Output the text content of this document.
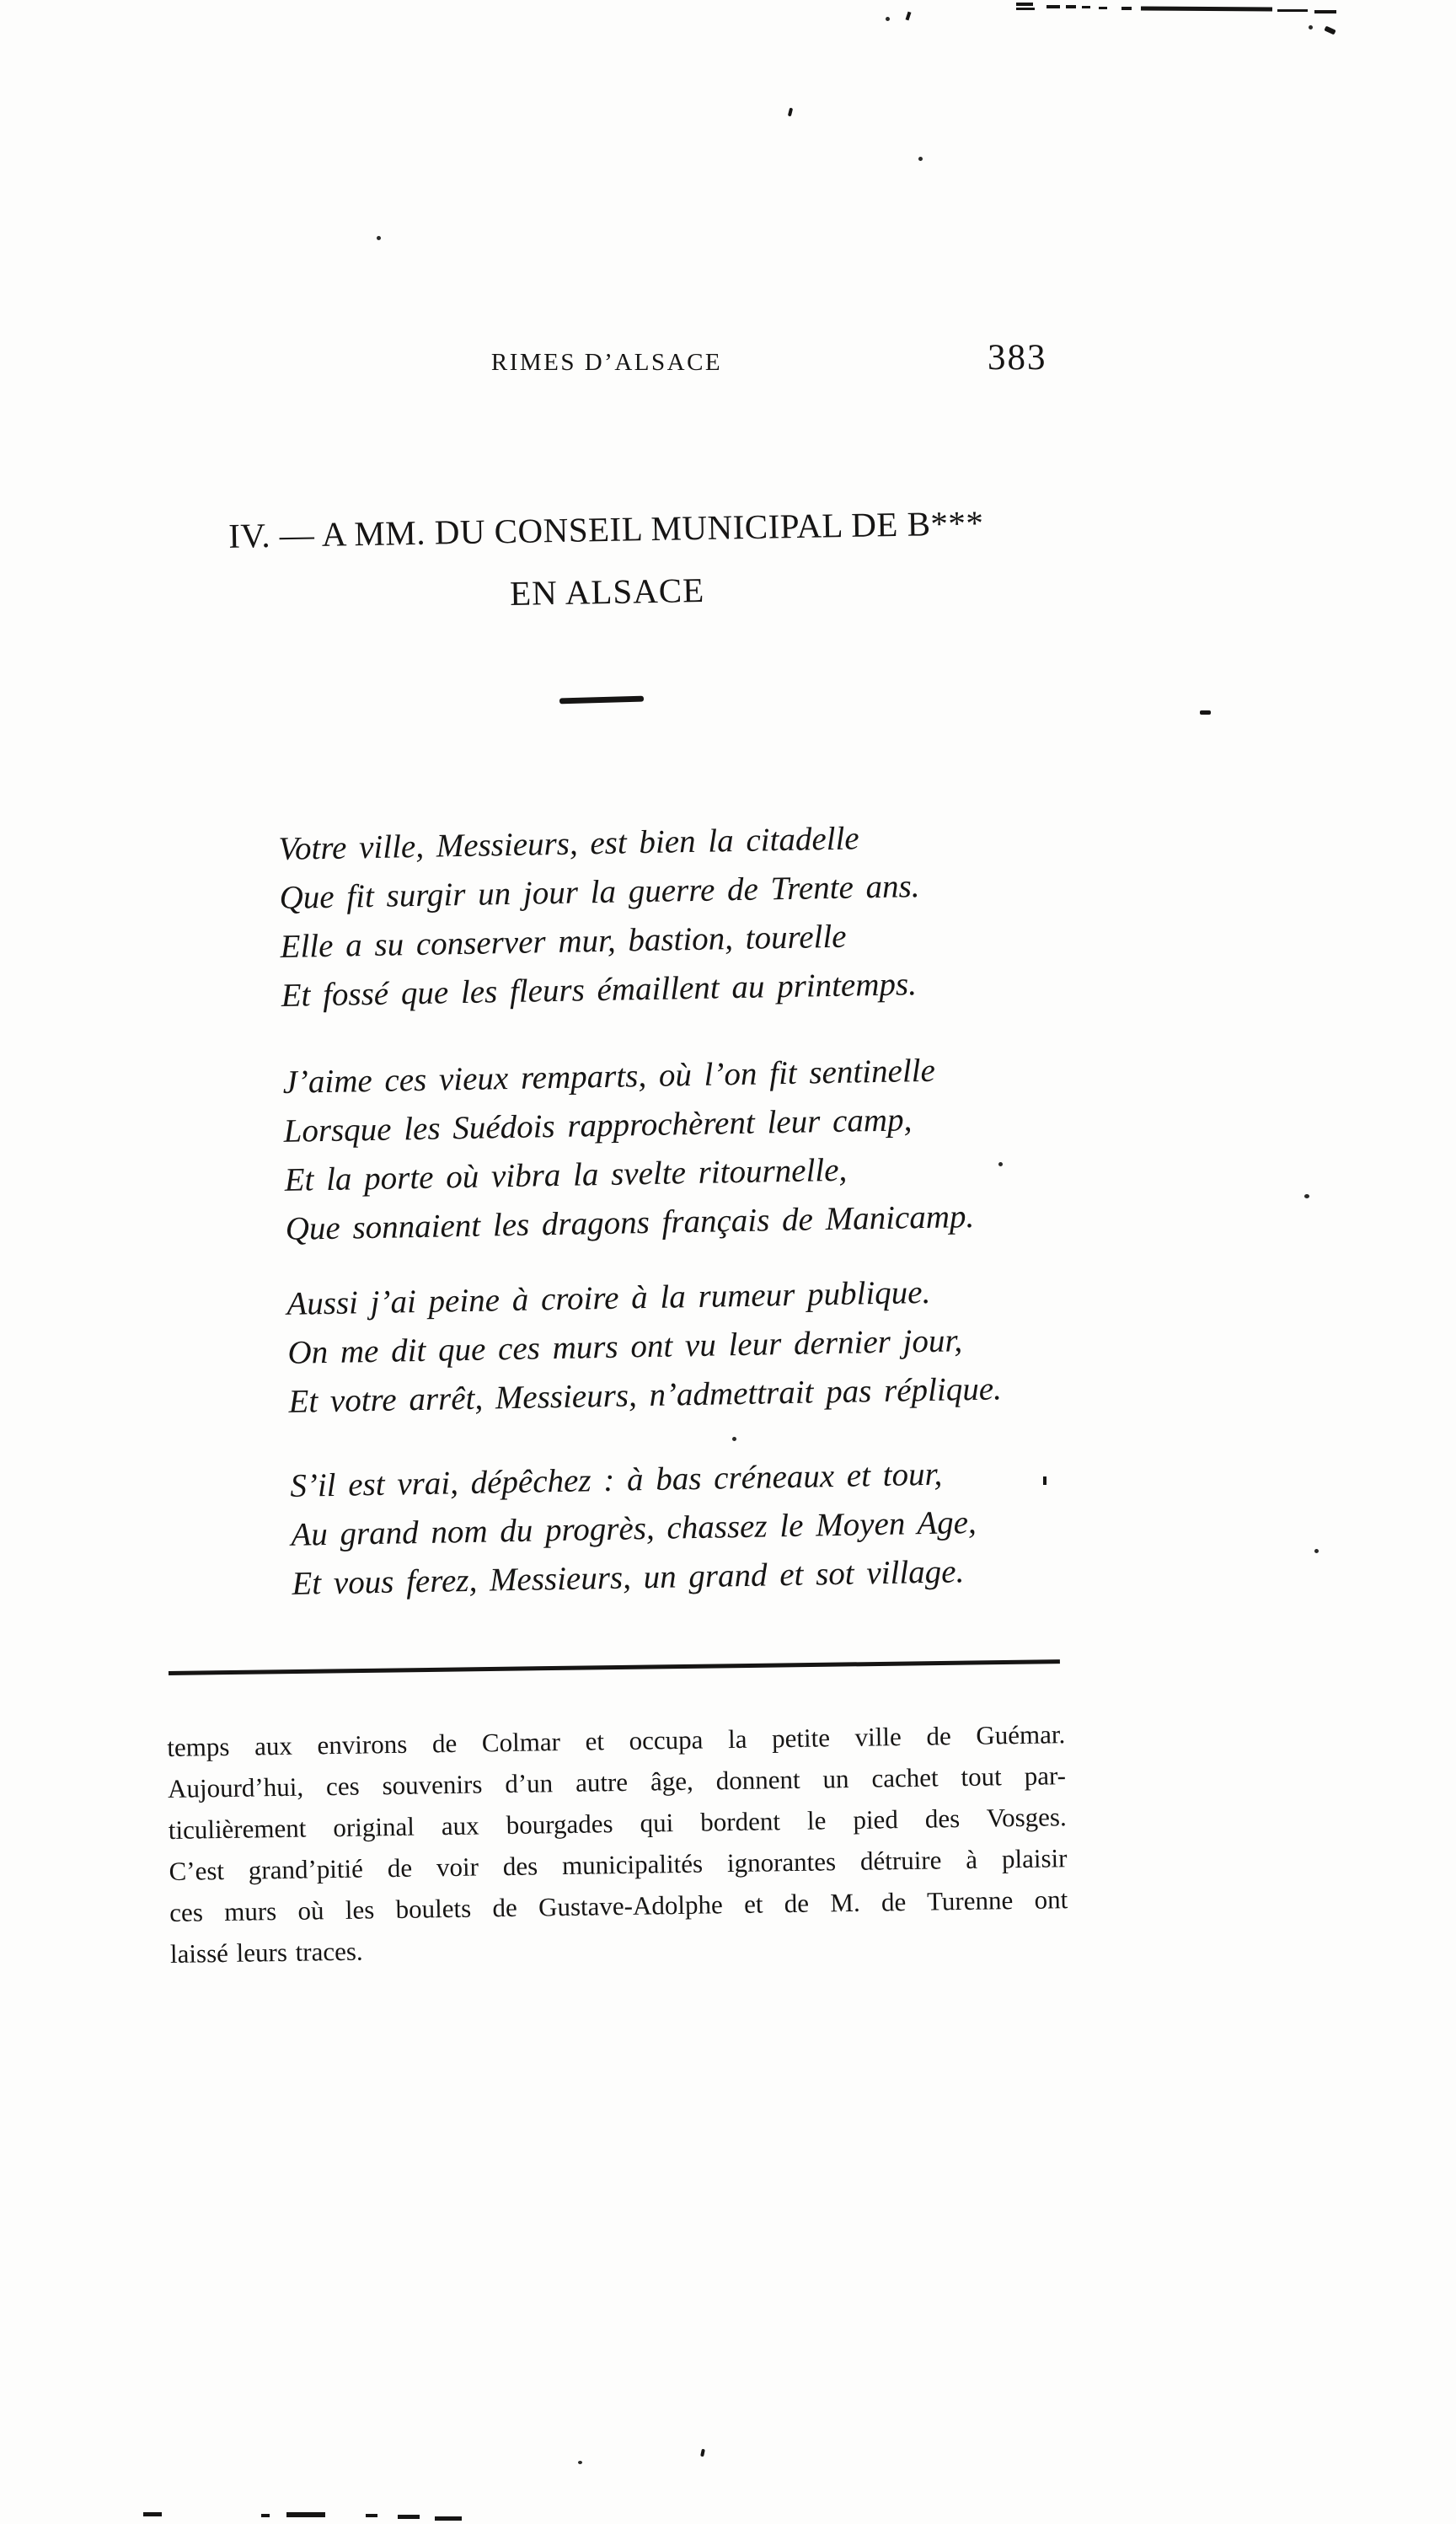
RIMES D’ALSACE	383
IV. — A MM. DU CONSEIL MUNICIPAL DE B***
EN ALSACE
Votre ville, Messieurs, est bien la citadelle
Que fit surgir un jour la guerre de Trente ans.
Elle a su conserver mur, bastion, tourelle
Et fossé que les fleurs émaillent au printemps.
J’aime ces vieux remparts, où l’on fit sentinelle
Lorsque les Suédois rapprochèrent leur camp,
Et la porte où vibra la svelte ritournelle,
Que sonnaient les dragons français de Manicamp.
Aussi j’ai peine à croire à la rumeur publique.
On me dit que ces murs ont vu leur dernier jour,
Et votre arrêt, Messieurs, n’admettrait pas réplique.
S’il est vrai, dépêchez : à bas créneaux et tour,
Au grand nom du progrès, chassez le Moyen Age,
Et vous ferez, Messieurs, un grand et sot village.
temps aux environs de Colmar et occupa la petite ville de Guémar.
Aujourd’hui, ces souvenirs d’un autre âge, donnent un cachet tout par-
ticulièrement original aux bourgades qui bordent le pied des Vosges.
C’est grand’pitié de voir des municipalités ignorantes détruire à plaisir
ces murs où les boulets de Gustave-Adolphe et de M. de Turenne ont
laissé leurs traces.
